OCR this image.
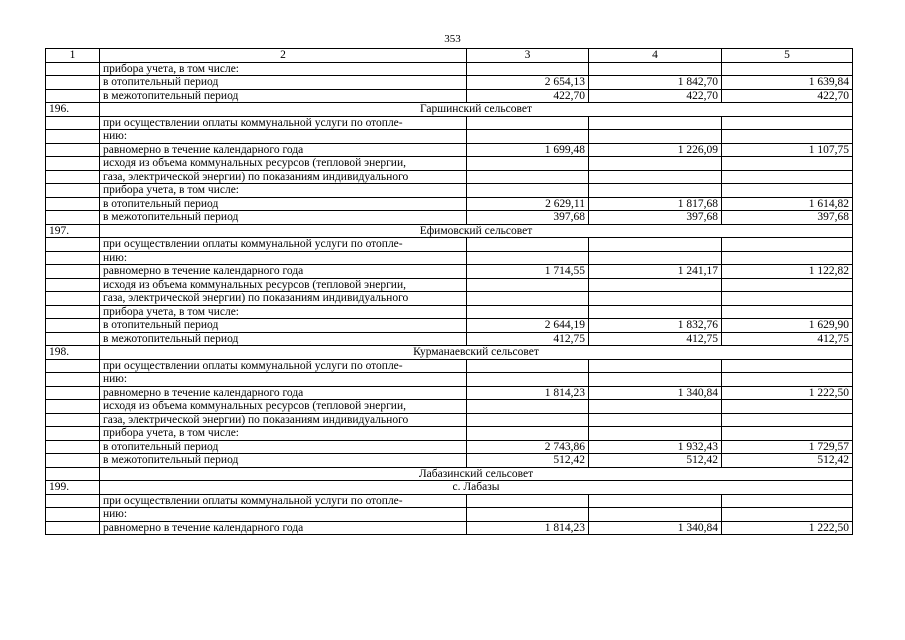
353
1	2	3	4	5
	прибора учета, в том числе:			
	в отопительный период	2 654,13	1 842,70	1 639,84
	в межотопительный период	422,70	422,70	422,70
196.	Гаршинский сельсовет			
	при осуществлении оплаты коммунальной услуги по отопле-			
	нию:			
	равномерно в течение календарного года	1 699,48	1 226,09	1 107,75
	исходя из объема коммунальных ресурсов (тепловой энергии,			
	газа, электрической энергии) по показаниям индивидуального			
	прибора учета, в том числе:			
	в отопительный период	2 629,11	1 817,68	1 614,82
	в межотопительный период	397,68	397,68	397,68
197.	Ефимовский сельсовет			
	при осуществлении оплаты коммунальной услуги по отопле-			
	нию:			
	равномерно в течение календарного года	1 714,55	1 241,17	1 122,82
	исходя из объема коммунальных ресурсов (тепловой энергии,			
	газа, электрической энергии) по показаниям индивидуального			
	прибора учета, в том числе:			
	в отопительный период	2 644,19	1 832,76	1 629,90
	в межотопительный период	412,75	412,75	412,75
198.	Курманаевский сельсовет			
	при осуществлении оплаты коммунальной услуги по отопле-			
	нию:			
	равномерно в течение календарного года	1 814,23	1 340,84	1 222,50
	исходя из объема коммунальных ресурсов (тепловой энергии,			
	газа, электрической энергии) по показаниям индивидуального			
	прибора учета, в том числе:			
	в отопительный период	2 743,86	1 932,43	1 729,57
	в межотопительный период	512,42	512,42	512,42
	Лабазинский сельсовет			
199.	с. Лабазы			
	при осуществлении оплаты коммунальной услуги по отопле-			
	нию:			
	равномерно в течение календарного года	1 814,23	1 340,84	1 222,50
